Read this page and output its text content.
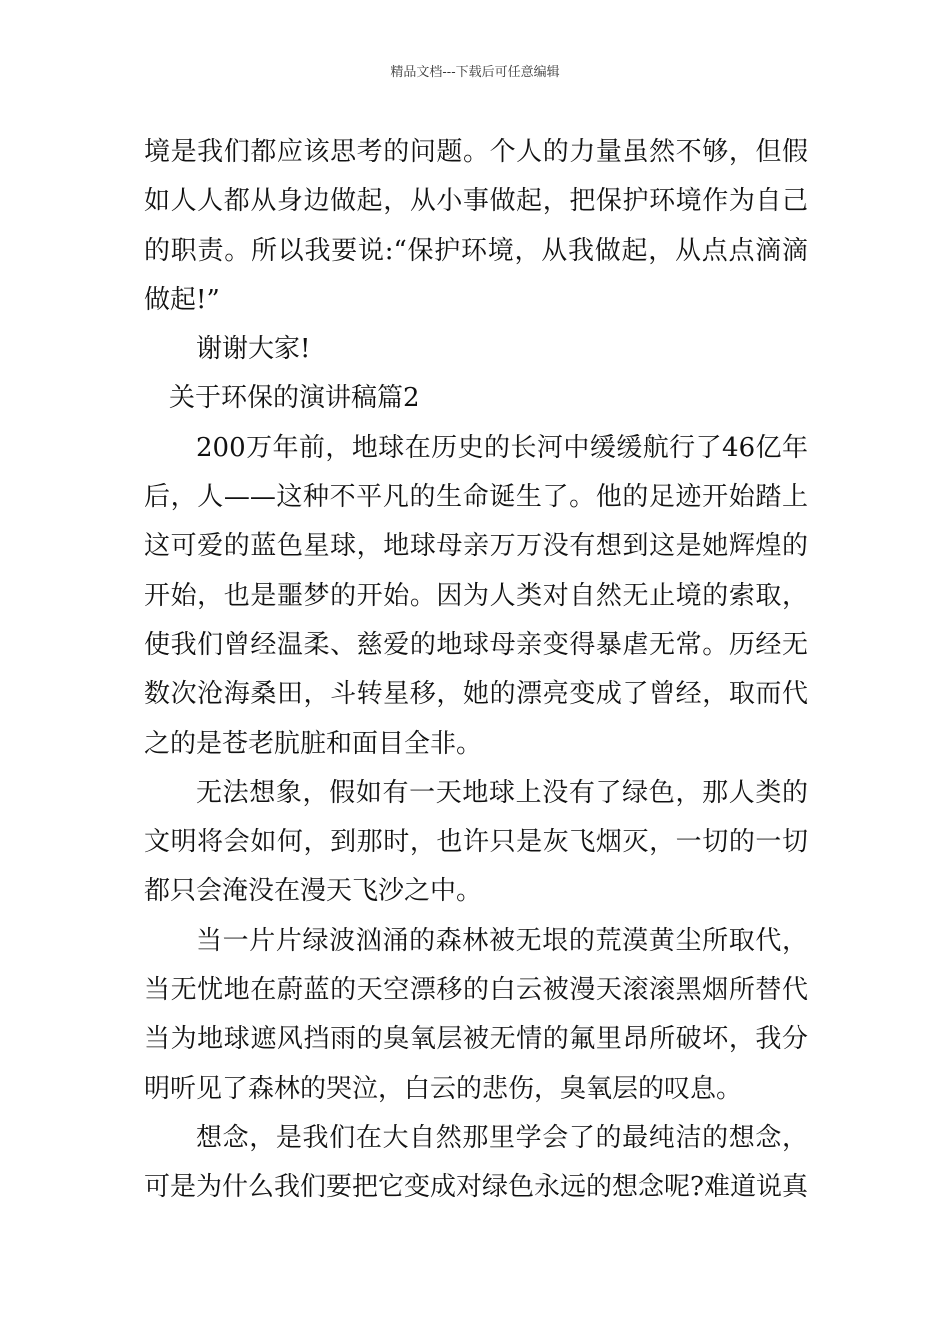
精品文档---下载后可任意编辑

境是我们都应该思考的问题。个人的力量虽然不够，但假如人人都从身边做起，从小事做起，把保护环境作为自己的职责。所以我要说:“保护环境，从我做起，从点点滴滴做起!”

谢谢大家!

关于环保的演讲稿篇2

200万年前，地球在历史的长河中缓缓航行了46亿年后，人——这种不平凡的生命诞生了。他的足迹开始踏上这可爱的蓝色星球，地球母亲万万没有想到这是她辉煌的开始，也是噩梦的开始。因为人类对自然无止境的索取，使我们曾经温柔、慈爱的地球母亲变得暴虐无常。历经无数次沧海桑田，斗转星移，她的漂亮变成了曾经，取而代之的是苍老肮脏和面目全非。

无法想象，假如有一天地球上没有了绿色，那人类的文明将会如何，到那时，也许只是灰飞烟灭，一切的一切都只会淹没在漫天飞沙之中。

当一片片绿波汹涌的森林被无垠的荒漠黄尘所取代，当无忧地在蔚蓝的天空漂移的白云被漫天滚滚黑烟所替代当为地球遮风挡雨的臭氧层被无情的氟里昂所破坏，我分明听见了森林的哭泣，白云的悲伤，臭氧层的叹息。

想念，是我们在大自然那里学会了的最纯洁的想念，可是为什么我们要把它变成对绿色永远的想念呢?难道说真
